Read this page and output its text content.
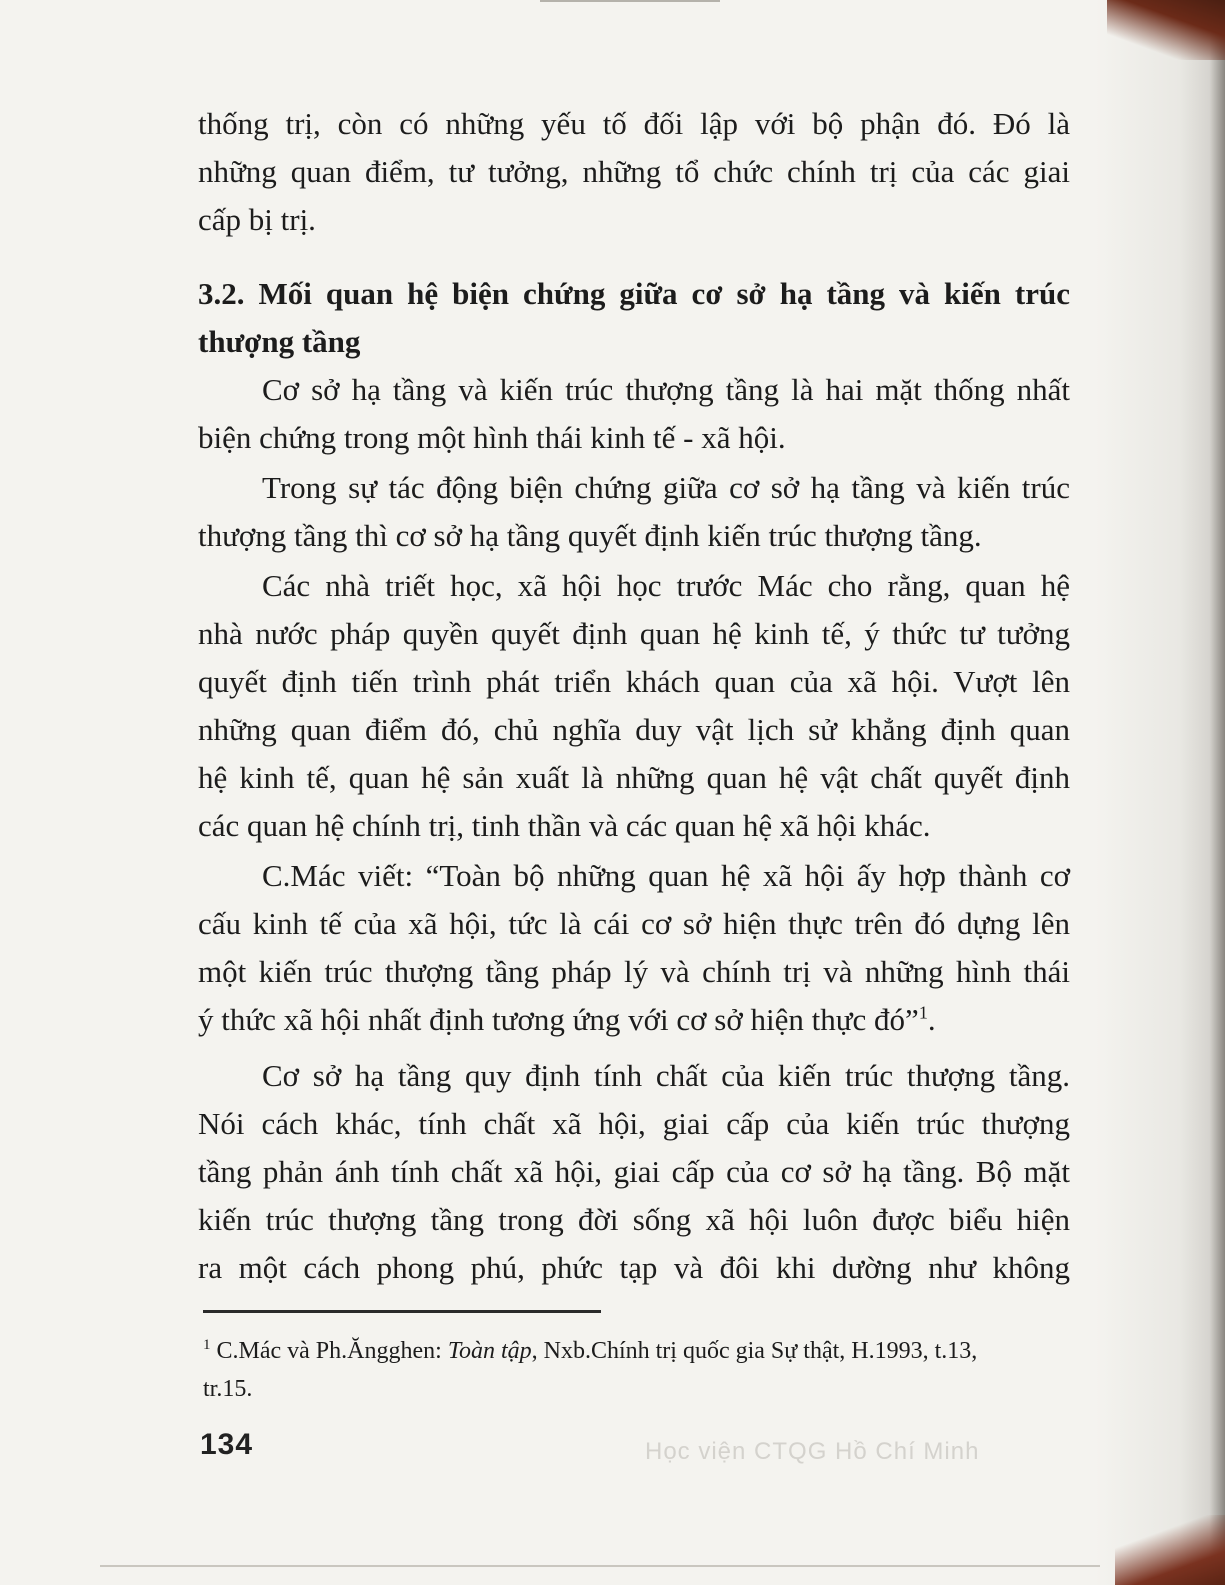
thống trị, còn có những yếu tố đối lập với bộ phận đó. Đó là
những quan điểm, tư tưởng, những tổ chức chính trị của các giai
cấp bị trị.
3.2. Mối quan hệ biện chứng giữa cơ sở hạ tầng và kiến trúc
thượng tầng
Cơ sở hạ tầng và kiến trúc thượng tầng là hai mặt thống nhất
biện chứng trong một hình thái kinh tế - xã hội.
Trong sự tác động biện chứng giữa cơ sở hạ tầng và kiến trúc
thượng tầng thì cơ sở hạ tầng quyết định kiến trúc thượng tầng.
Các nhà triết học, xã hội học trước Mác cho rằng, quan hệ
nhà nước pháp quyền quyết định quan hệ kinh tế, ý thức tư tưởng
quyết định tiến trình phát triển khách quan của xã hội. Vượt lên
những quan điểm đó, chủ nghĩa duy vật lịch sử khẳng định quan
hệ kinh tế, quan hệ sản xuất là những quan hệ vật chất quyết định
các quan hệ chính trị, tinh thần và các quan hệ xã hội khác.
C.Mác viết: “Toàn bộ những quan hệ xã hội ấy hợp thành cơ
cấu kinh tế của xã hội, tức là cái cơ sở hiện thực trên đó dựng lên
một kiến trúc thượng tầng pháp lý và chính trị và những hình thái
ý thức xã hội nhất định tương ứng với cơ sở hiện thực đó”$^1$.
Cơ sở hạ tầng quy định tính chất của kiến trúc thượng tầng.
Nói cách khác, tính chất xã hội, giai cấp của kiến trúc thượng
tầng phản ánh tính chất xã hội, giai cấp của cơ sở hạ tầng. Bộ mặt
kiến trúc thượng tầng trong đời sống xã hội luôn được biểu hiện
ra một cách phong phú, phức tạp và đôi khi dường như không
$^1$ C.Mác và Ph.Ăngghen: Toàn tập, Nxb.Chính trị quốc gia Sự thật, H.1993, t.13,
tr.15.
134	Học viện CTQG Hồ Chí Minh
